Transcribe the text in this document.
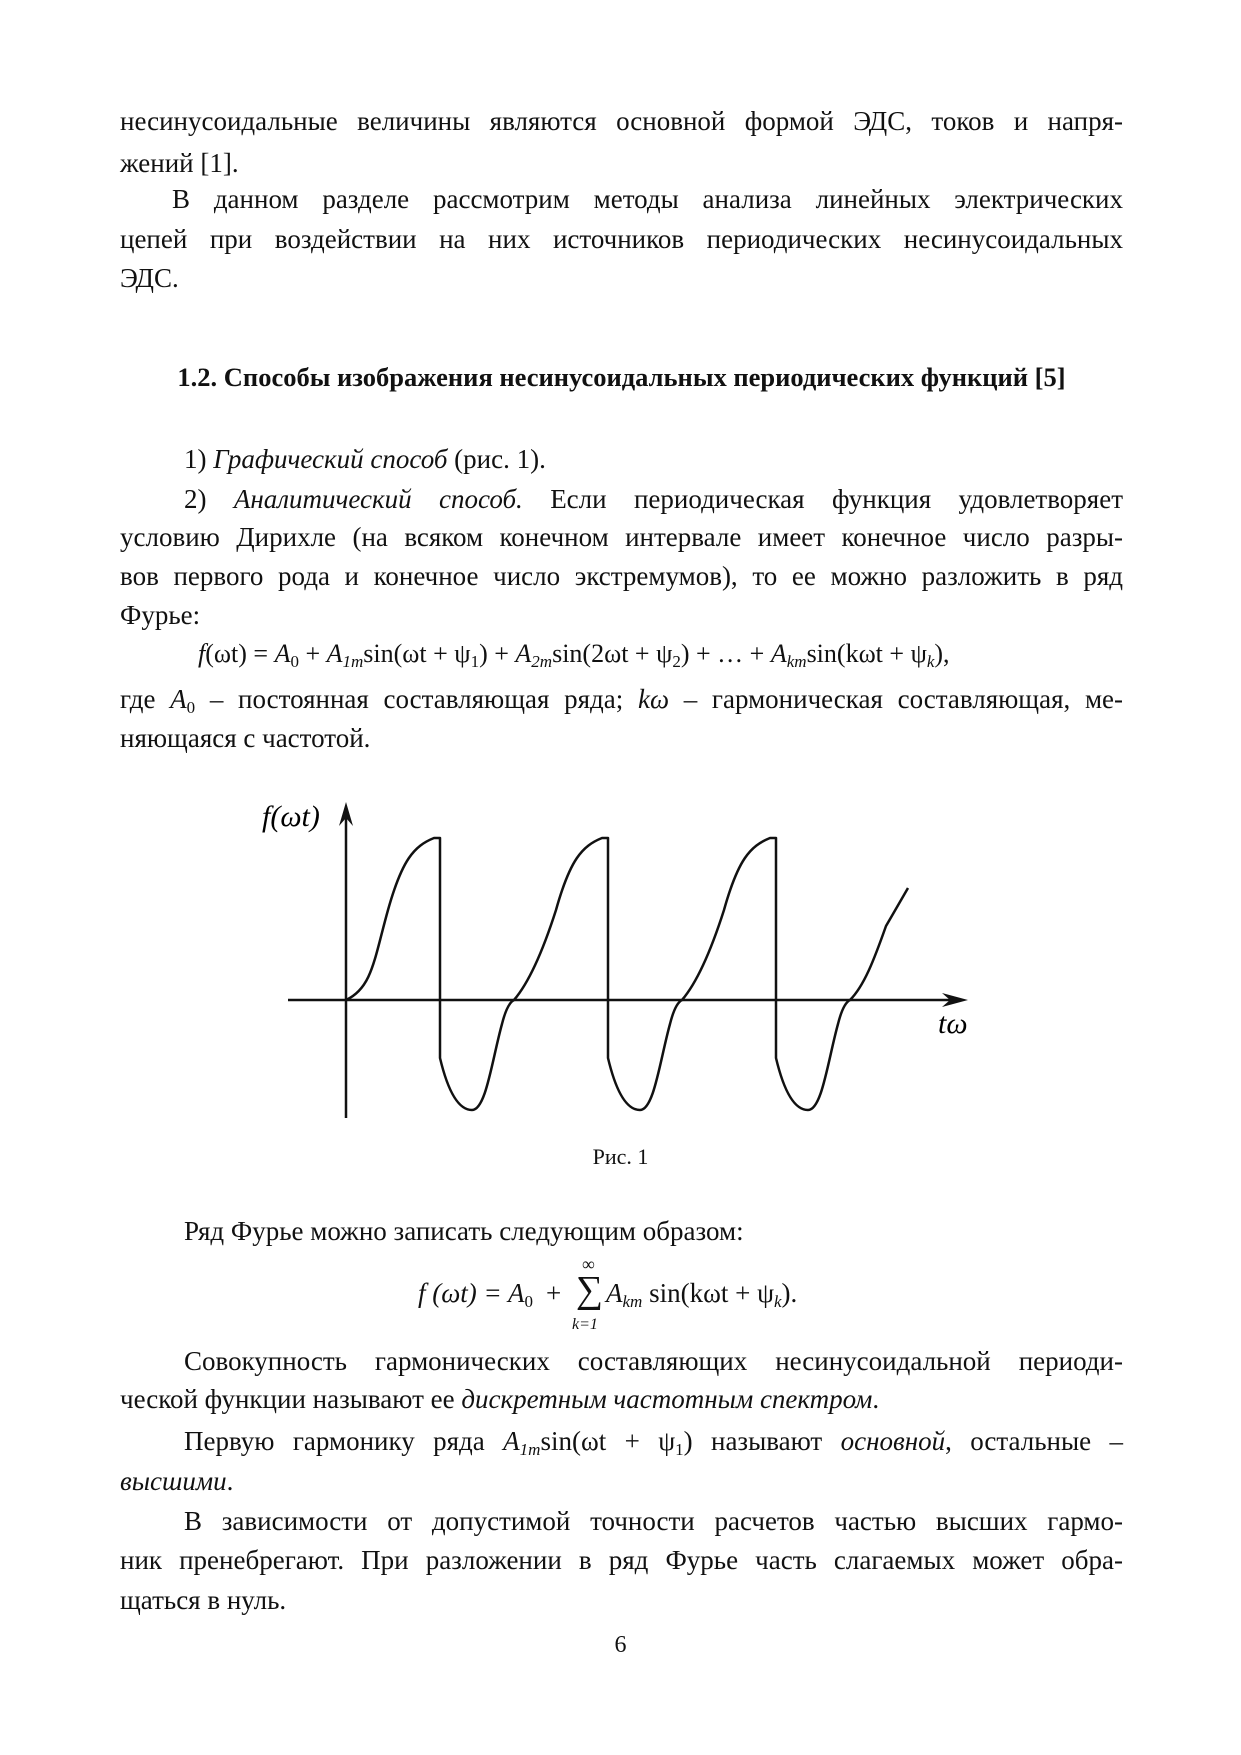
несинусоидальные величины являются основной формой ЭДС, токов и напря-

жений [1].

В данном разделе рассмотрим методы анализа линейных электрических

цепей при воздействии на них источников периодических несинусоидальных

ЭДС.

1.2. Способы изображения несинусоидальных периодических функций [5]

1) Графический способ (рис. 1).

2) Аналитический способ. Если периодическая функция удовлетворяет

условию Дирихле (на всяком конечном интервале имеет конечное число разры-

вов первого рода и конечное число экстремумов), то ее можно разложить в ряд

Фурье:

$f(\omega t) = A_0 + A1msin(\omega t + \psi_1) + A2msin(2\omega t + \psi_2)$ + … + Akmsin(kωt + ψk),

где $A_0$ – постоянная составляющая ряда; kω – гармоническая составляющая, ме-

няющаяся с частотой.

f(ωt)
tω
Рис. 1

Ряд Фурье можно записать следующим образом:

f $(\omega t) = A_0$ +
∞
∑
k=1
Akm sin(kωt + ψk).

Совокупность гармонических составляющих несинусоидальной периоди-

ческой функции называют ее дискретным частотным спектром.

Первую гармонику ряда $A1msin(\omega t + \psi_1)$ называют основной, остальные –

высшими.

В зависимости от допустимой точности расчетов частью высших гармо-

ник пренебрегают. При разложении в ряд Фурье часть слагаемых может обра-

щаться в нуль.

6
